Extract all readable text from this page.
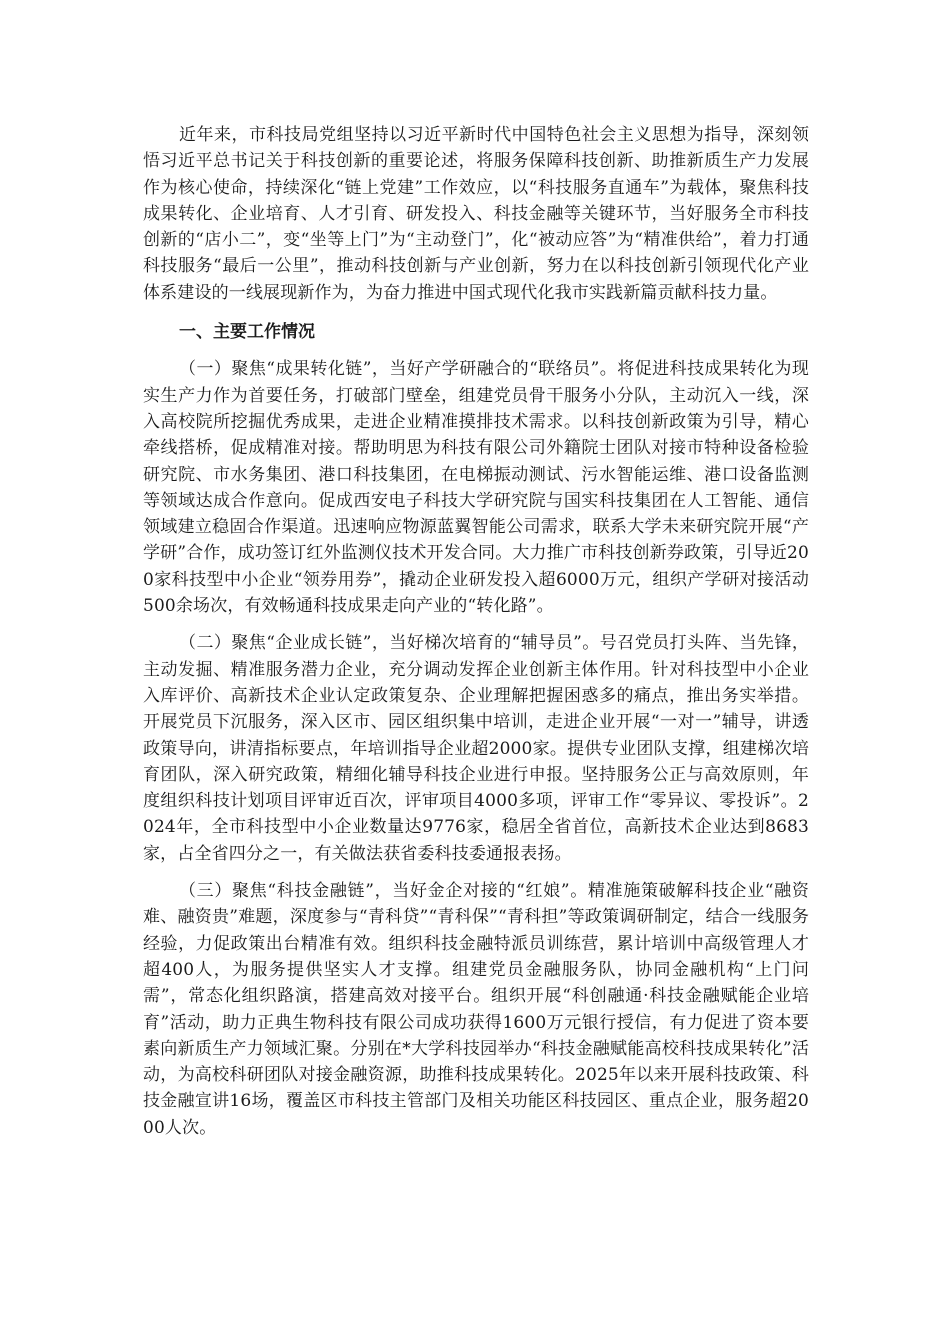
近年来，市科技局党组坚持以习近平新时代中国特色社会主义思想为指导，深刻领悟习近平总书记关于科技创新的重要论述，将服务保障科技创新、助推新质生产力发展作为核心使命，持续深化“链上党建”工作效应，以“科技服务直通车”为载体，聚焦科技成果转化、企业培育、人才引育、研发投入、科技金融等关键环节，当好服务全市科技创新的“店小二”，变“坐等上门”为“主动登门”，化“被动应答”为“精准供给”，着力打通科技服务“最后一公里”，推动科技创新与产业创新，努力在以科技创新引领现代化产业体系建设的一线展现新作为，为奋力推进中国式现代化我市实践新篇贡献科技力量。

一、主要工作情况

（一）聚焦“成果转化链”，当好产学研融合的“联络员”。将促进科技成果转化为现实生产力作为首要任务，打破部门壁垒，组建党员骨干服务小分队，主动沉入一线，深入高校院所挖掘优秀成果，走进企业精准摸排技术需求。以科技创新政策为引导，精心牵线搭桥，促成精准对接。帮助明思为科技有限公司外籍院士团队对接市特种设备检验研究院、市水务集团、港口科技集团，在电梯振动测试、污水智能运维、港口设备监测等领域达成合作意向。促成西安电子科技大学研究院与国实科技集团在人工智能、通信领域建立稳固合作渠道。迅速响应物源蓝翼智能公司需求，联系大学未来研究院开展“产学研”合作，成功签订红外监测仪技术开发合同。大力推广市科技创新券政策，引导近200家科技型中小企业“领券用券”，撬动企业研发投入超6000万元，组织产学研对接活动500余场次，有效畅通科技成果走向产业的“转化路”。

（二）聚焦“企业成长链”，当好梯次培育的“辅导员”。号召党员打头阵、当先锋，主动发掘、精准服务潜力企业，充分调动发挥企业创新主体作用。针对科技型中小企业入库评价、高新技术企业认定政策复杂、企业理解把握困惑多的痛点，推出务实举措。开展党员下沉服务，深入区市、园区组织集中培训，走进企业开展“一对一”辅导，讲透政策导向，讲清指标要点，年培训指导企业超2000家。提供专业团队支撑，组建梯次培育团队，深入研究政策，精细化辅导科技企业进行申报。坚持服务公正与高效原则，年度组织科技计划项目评审近百次，评审项目4000多项，评审工作“零异议、零投诉”。2024年，全市科技型中小企业数量达9776家，稳居全省首位，高新技术企业达到8683家，占全省四分之一，有关做法获省委科技委通报表扬。

（三）聚焦“科技金融链”，当好金企对接的“红娘”。精准施策破解科技企业“融资难、融资贵”难题，深度参与“青科贷”“青科保”“青科担”等政策调研制定，结合一线服务经验，力促政策出台精准有效。组织科技金融特派员训练营，累计培训中高级管理人才超400人，为服务提供坚实人才支撑。组建党员金融服务队，协同金融机构“上门问需”，常态化组织路演，搭建高效对接平台。组织开展“科创融通·科技金融赋能企业培育”活动，助力正典生物科技有限公司成功获得1600万元银行授信，有力促进了资本要素向新质生产力领域汇聚。分别在*大学科技园举办“科技金融赋能高校科技成果转化”活动，为高校科研团队对接金融资源，助推科技成果转化。2025年以来开展科技政策、科技金融宣讲16场，覆盖区市科技主管部门及相关功能区科技园区、重点企业，服务超2000人次。
